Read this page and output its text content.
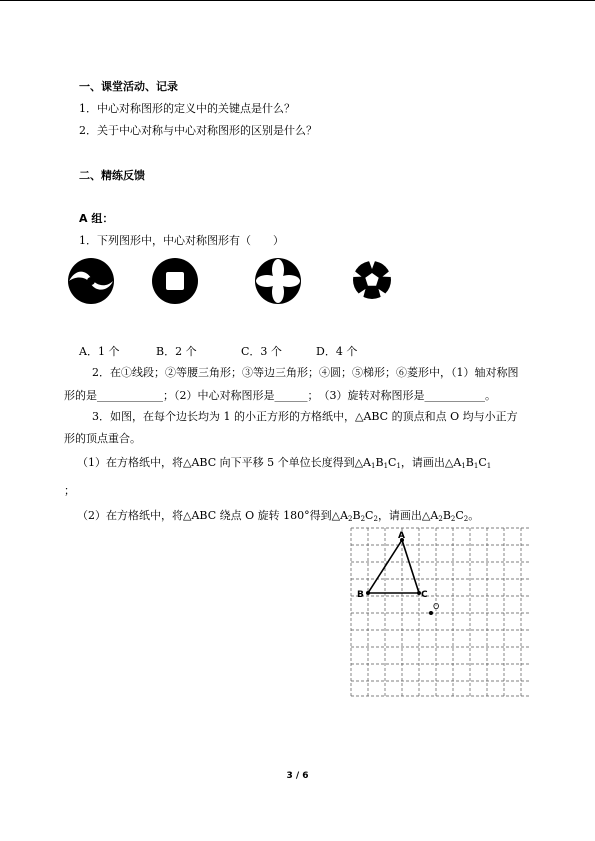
一、课堂活动、记录
1．中心对称图形的定义中的关键点是什么？
2．关于中心对称与中心对称图形的区别是什么？
二、精练反馈
A 组：
1．下列图形中，中心对称图形有（　　）
A．1 个	B．2 个	C．3 个	D．4 个
2．在①线段；②等腰三角形；③等边三角形；④圆；⑤梯形；⑥菱形中，（1）轴对称图
形的是____________；（2）中心对称图形是______；　（3）旋转对称图形是___________。
3．如图，在每个边长均为 1 的小正方形的方格纸中，△ABC 的顶点和点 O 均与小正方
形的顶点重合。
（1）在方格纸中，将△ABC 向下平移 5 个单位长度得到$\triangle A_1B_1C_1$，请画出$\triangle A_1B_1C_1$
；
（2）在方格纸中，将△ABC 绕点 O 旋转 180°得到$\triangle A_2B_2C_2$，请画出$\triangle A_2B_2C_2$。
A
B	C
O
3 / 6
